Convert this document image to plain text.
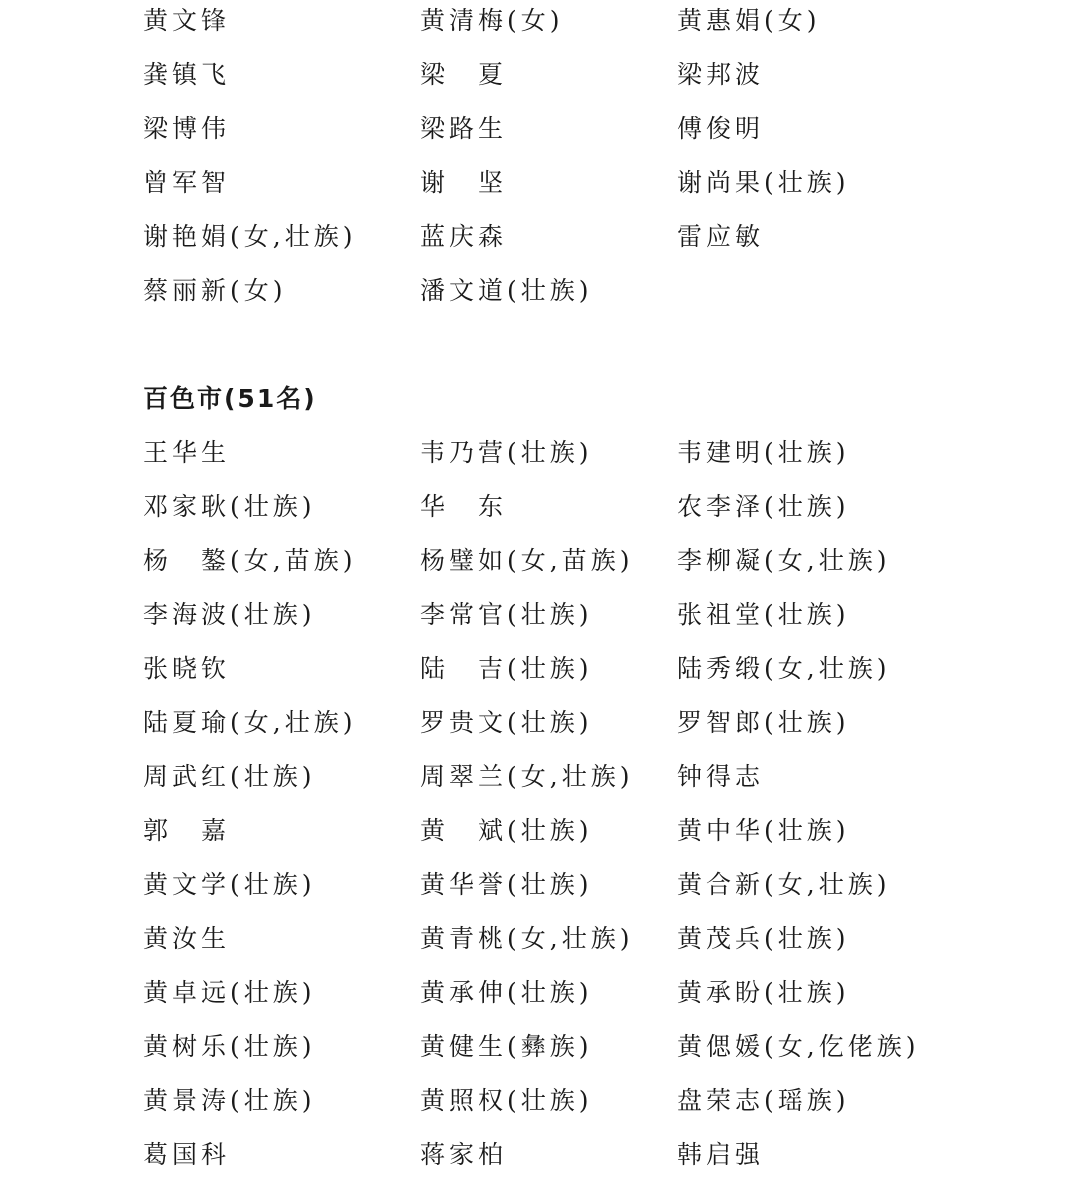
黄文锋	黄清梅(女)	黄惠娟(女)
龚镇飞	梁　夏	梁邦波
梁博伟	梁路生	傅俊明
曾军智	谢　坚	谢尚果(壮族)
谢艳娟(女,壮族)	蓝庆森	雷应敏
蔡丽新(女)	潘文道(壮族)
百色市(51名)
王华生	韦乃营(壮族)	韦建明(壮族)
邓家耿(壮族)	华　东	农李泽(壮族)
杨　鏊(女,苗族)	杨璧如(女,苗族)	李柳凝(女,壮族)
李海波(壮族)	李常官(壮族)	张祖堂(壮族)
张晓钦	陆　吉(壮族)	陆秀缎(女,壮族)
陆夏瑜(女,壮族)	罗贵文(壮族)	罗智郎(壮族)
周武红(壮族)	周翠兰(女,壮族)	钟得志
郭　嘉	黄　斌(壮族)	黄中华(壮族)
黄文学(壮族)	黄华誉(壮族)	黄合新(女,壮族)
黄汝生	黄青桃(女,壮族)	黄茂兵(壮族)
黄卓远(壮族)	黄承伸(壮族)	黄承盼(壮族)
黄树乐(壮族)	黄健生(彝族)	黄偲媛(女,仡佬族)
黄景涛(壮族)	黄照权(壮族)	盘荣志(瑶族)
葛国科	蒋家柏	韩启强
